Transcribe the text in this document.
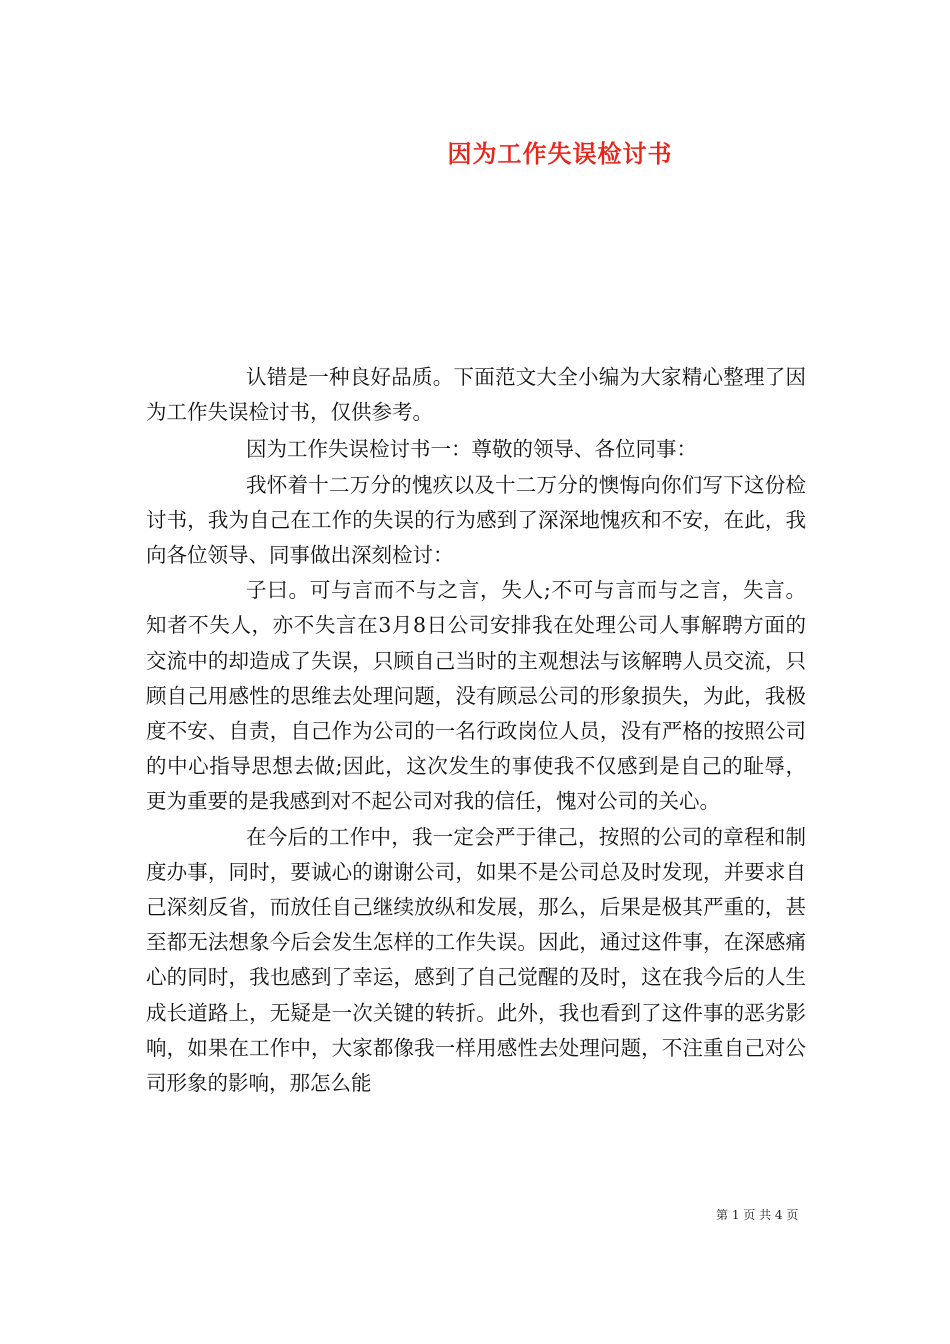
因为工作失误检讨书

认错是一种良好品质。下面范文大全小编为大家精心整理了因为工作失误检讨书，仅供参考。

因为工作失误检讨书一：尊敬的领导、各位同事：

我怀着十二万分的愧疚以及十二万分的懊悔向你们写下这份检讨书，我为自己在工作的失误的行为感到了深深地愧疚和不安，在此，我向各位领导、同事做出深刻检讨：

子曰。可与言而不与之言，失人;不可与言而与之言，失言。知者不失人，亦不失言在3月8日公司安排我在处理公司人事解聘方面的交流中的却造成了失误，只顾自己当时的主观想法与该解聘人员交流，只顾自己用感性的思维去处理问题，没有顾忌公司的形象损失，为此，我极度不安、自责，自己作为公司的一名行政岗位人员，没有严格的按照公司的中心指导思想去做;因此，这次发生的事使我不仅感到是自己的耻辱，更为重要的是我感到对不起公司对我的信任，愧对公司的关心。

在今后的工作中，我一定会严于律己，按照的公司的章程和制度办事，同时，要诚心的谢谢公司，如果不是公司总及时发现，并要求自己深刻反省，而放任自己继续放纵和发展，那么，后果是极其严重的，甚至都无法想象今后会发生怎样的工作失误。因此，通过这件事，在深感痛心的同时，我也感到了幸运，感到了自己觉醒的及时，这在我今后的人生成长道路上，无疑是一次关键的转折。此外，我也看到了这件事的恶劣影响，如果在工作中，大家都像我一样用感性去处理问题，不注重自己对公司形象的影响，那怎么能

第 1 页 共 4 页
